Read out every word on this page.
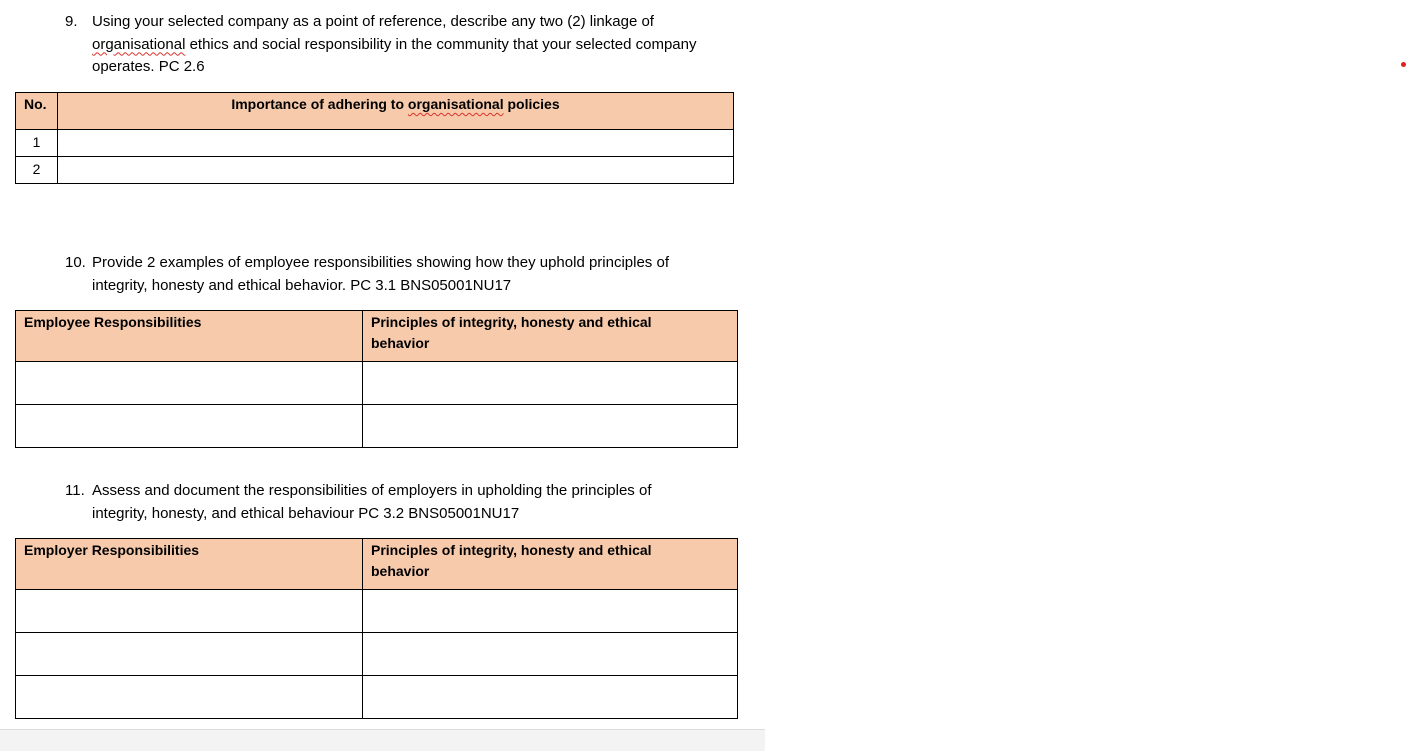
9. Using your selected company as a point of reference, describe any two (2) linkage of
organisational ethics and social responsibility in the community that your selected company
operates. PC 2.6
No.	Importance of adhering to organisational policies
1	
2	
10. Provide 2 examples of employee responsibilities showing how they uphold principles of
integrity, honesty and ethical behavior. PC 3.1 BNS05001NU17
Employee Responsibilities	Principles of integrity, honesty and ethical
behavior

11. Assess and document the responsibilities of employers in upholding the principles of
integrity, honesty, and ethical behaviour PC 3.2 BNS05001NU17
Employer Responsibilities	Principles of integrity, honesty and ethical
behavior
